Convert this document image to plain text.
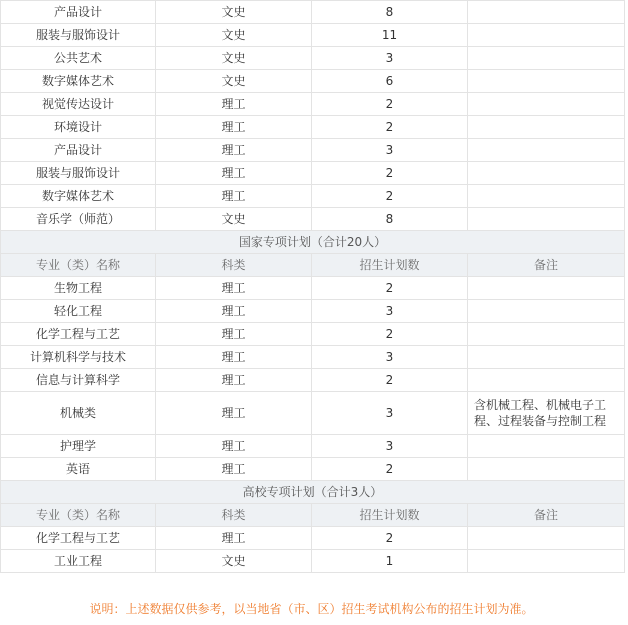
产品设计	文史	8	
服装与服饰设计	文史	11	
公共艺术	文史	3	
数字媒体艺术	文史	6	
视觉传达设计	理工	2	
环境设计	理工	2	
产品设计	理工	3	
服装与服饰设计	理工	2	
数字媒体艺术	理工	2	
音乐学（师范）	文史	8	
国家专项计划（合计20人）			
专业（类）名称	科类	招生计划数	备注
生物工程	理工	2	
轻化工程	理工	3	
化学工程与工艺	理工	2	
计算机科学与技术	理工	3	
信息与计算科学	理工	2	
机械类	理工	3	含机械工程、机械电子工程、过程装备与控制工程
护理学	理工	3	
英语	理工	2	
高校专项计划（合计3人）			
专业（类）名称	科类	招生计划数	备注
化学工程与工艺	理工	2	
工业工程	文史	1	
说明：上述数据仅供参考，以当地省（市、区）招生考试机构公布的招生计划为准。
